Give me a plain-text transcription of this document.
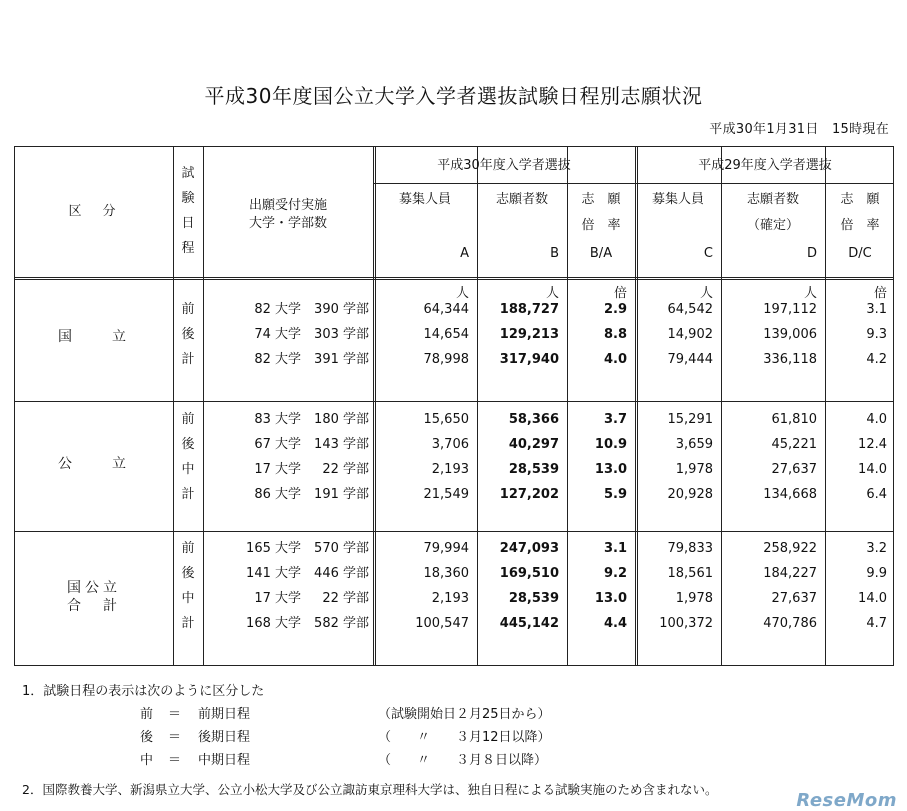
平成30年度国公立大学入学者選抜試験日程別志願状況
平成30年1月31日　15時現在
区　分
試
験
日
程
出願受付実施
大学・学部数
平成30年度入学者選抜	平成29年度入学者選抜
募集人員	志願者数	志　願
倍　率
A	B	B/A
募集人員	志願者数
（確定）
志　願
倍　率
C	D	D/C
人	人	倍	人	人	倍
国　　立
前	82 大学	390 学部	64,344	188,727	2.9	64,542	197,112	3.1
後	74 大学	303 学部	14,654	129,213	8.8	14,902	139,006	9.3
計	82 大学	391 学部	78,998	317,940	4.0	79,444	336,118	4.2
公　　立
前	83 大学	180 学部	15,650	58,366	3.7	15,291	61,810	4.0
後	67 大学	143 学部	3,706	40,297	10.9	3,659	45,221	12.4
中	17 大学	22 学部	2,193	28,539	13.0	1,978	27,637	14.0
計	86 大学	191 学部	21,549	127,202	5.9	20,928	134,668	6.4
国公立
合　計
前	165 大学	570 学部	79,994	247,093	3.1	79,833	258,922	3.2
後	141 大学	446 学部	18,360	169,510	9.2	18,561	184,227	9.9
中	17 大学	22 学部	2,193	28,539	13.0	1,978	27,637	14.0
計	168 大学	582 学部	100,547	445,142	4.4	100,372	470,786	4.7
1．試験日程の表示は次のように区分した
前 ＝ 前期日程	（試験開始日２月25日から）
後 ＝ 後期日程	（　　〃　　３月12日以降）
中 ＝ 中期日程	（　　〃　　３月８日以降）
2．国際教養大学、新潟県立大学、公立小松大学及び公立諏訪東京理科大学は、独自日程による試験実施のため含まれない。
ReseMom
